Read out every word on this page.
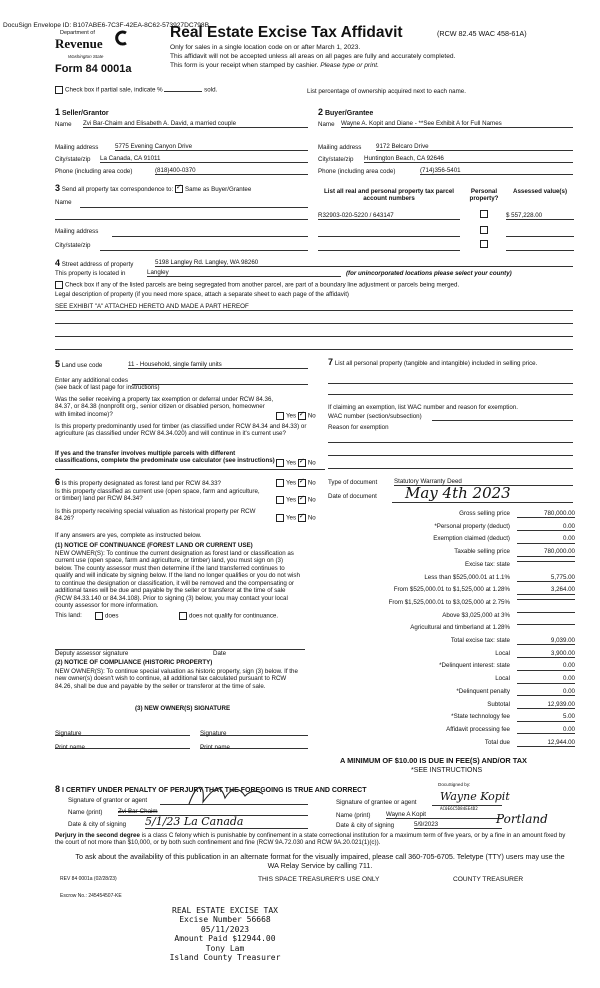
DocuSign Envelope ID: B107ABE6-7C3F-42EA-8C62-573927DC798B
Department of
Revenue
Washington State
Form 84 0001a
Real Estate Excise Tax Affidavit	(RCW 82.45 WAC 458-61A)
Only for sales in a single location code on or after March 1, 2023.
This affidavit will not be accepted unless all areas on all pages are fully and accurately completed.
This form is your receipt when stamped by cashier. Please type or print.
Check box if partial sale, indicate %	sold.	List percentage of ownership acquired next to each name.
1 Seller/Grantor
Name Zvi Bar-Chaim and Elisabeth A. David, a married couple
Mailing address	5775 Evening Canyon Drive
City/state/zip La Canada, CA 91011
Phone (including area code)	(818)400-0370
2 Buyer/Grantee
Name Wayne A. Kopit and Diane - **See Exhibit A for Full Names
Mailing address 9172 Belcaro Drive
City/state/zip Huntington Beach, CA 92646
Phone (including area code)	(714)356-5401
3 Send all property tax correspondence to: ✓ Same as Buyer/Grantee
Name
Mailing address
City/state/zip
List all real and personal property tax parcel account numbers
Personal property?
Assessed value(s)
R32903-020-5220 / 643147	$ 557,228.00
4 Street address of property	5198 Langley Rd. Langley, WA 98260
This property is located in	Langley	(for unincorporated locations please select your county)
Check box if any of the listed parcels are being segregated from another parcel, are part of a boundary line adjustment or parcels being merged.
Legal description of property (if you need more space, attach a separate sheet to each page of the affidavit)
SEE EXHIBIT "A" ATTACHED HERETO AND MADE A PART HEREOF
5 Land use code	11 - Household, single family units
Enter any additional codes
(see back of last page for instructions)
Was the seller receiving a property tax exemption or deferral under RCW 84.36, 84.37, or 84.38 (nonprofit org., senior citizen or disabled person, homeowner with limited income)?	Yes ✓ No
Is this property predominantly used for timber (as classified under RCW 84.34 and 84.33) or agriculture (as classified under RCW 84.34.020) and will continue in it's current use?
If yes and the transfer involves multiple parcels with different classifications, complete the predominate use calculator (see instructions)	Yes ✓ No
7 List all personal property (tangible and intangible) included in selling price.
If claiming an exemption, list WAC number and reason for exemption.
WAC number (section/subsection)
Reason for exemption
6 Is this property designated as forest land per RCW 84.33?	Yes ✓ No
Is this property classified as current use (open space, farm and agriculture, or timber) land per RCW 84.34?	Yes ✓ No
Is this property receiving special valuation as historical property per RCW 84.26?	Yes ✓ No
If any answers are yes, complete as instructed below.
(1) NOTICE OF CONTINUANCE (FOREST LAND OR CURRENT USE)
NEW OWNER(S): To continue the current designation as forest land or classification as current use (open space, farm and agriculture, or timber) land, you must sign on (3) below. The county assessor must then determine if the land transferred continues to qualify and will indicate by signing below. If the land no longer qualifies or you do not wish to continue the designation or classification, it will be removed and the compensating or additional taxes will be due and payable by the seller or transferor at the time of sale (RCW 84.33.140 or 84.34.108). Prior to signing (3) below, you may contact your local county assessor for more information.
This land:	does	does not qualify for continuance.
Deputy assessor signature	Date
(2) NOTICE OF COMPLIANCE (HISTORIC PROPERTY)
NEW OWNER(S): To continue special valuation as historic property, sign (3) below. If the new owner(s) doesn't wish to continue, all additional tax calculated pursuant to RCW 84.26, shall be due and payable by the seller or transferor at the time of sale.
(3) NEW OWNER(S) SIGNATURE
Signature	Signature
Print name	Print name
Type of document	Statutory Warranty Deed
Date of document May 4th 2023
Gross selling price	780,000.00
*Personal property (deduct)	0.00
Exemption claimed (deduct)	0.00
Taxable selling price	780,000.00
Excise tax: state
Less than $525,000.01 at 1.1%	5,775.00
From $525,000.01 to $1,525,000 at 1.28%	3,264.00
From $1,525,000.01 to $3,025,000 at 2.75%
Above $3,025,000 at 3%
Agricultural and timberland at 1.28%
Total excise tax: state	9,039.00
Local	3,900.00
*Delinquent interest: state	0.00
Local	0.00
*Delinquent penalty	0.00
Subtotal	12,939.00
*State technology fee	5.00
Affidavit processing fee	0.00
Total due	12,944.00
A MINIMUM OF $10.00 IS DUE IN FEE(S) AND/OR TAX
*SEE INSTRUCTIONS
8 I CERTIFY UNDER PENALTY OF PERJURY THAT THE FOREGOING IS TRUE AND CORRECT
Signature of grantor or agent
Name (print)	Zvi Bar-Chaim
Date & city of signing 5/1/23 La Canada
Signature of grantee or agent
DocuSigned by:
Wayne Kopit
AC0E6C5D84EE4D2
Name (print)	Wayne A Kopit
Date & city of signing	5/9/2023	Portland
Perjury in the second degree is a class C felony which is punishable by confinement in a state correctional institution for a maximum term of five years, or by a fine in an amount fixed by the court of not more than $10,000, or by both such confinement and fine (RCW 9A.72.030 and RCW 9A.20.021(1)(c)).
To ask about the availability of this publication in an alternate format for the visually impaired, please call 360-705-6705. Teletype (TTY) users may use the WA Relay Service by calling 711.
REV 84 0001a (02/28/23)	THIS SPACE TREASURER'S USE ONLY	COUNTY TREASURER
Escrow No.: 245454507-KE
REAL ESTATE EXCISE TAX
Excise Number 56668
05/11/2023
Amount Paid $12944.00
Tony Lam
Island County Treasurer
